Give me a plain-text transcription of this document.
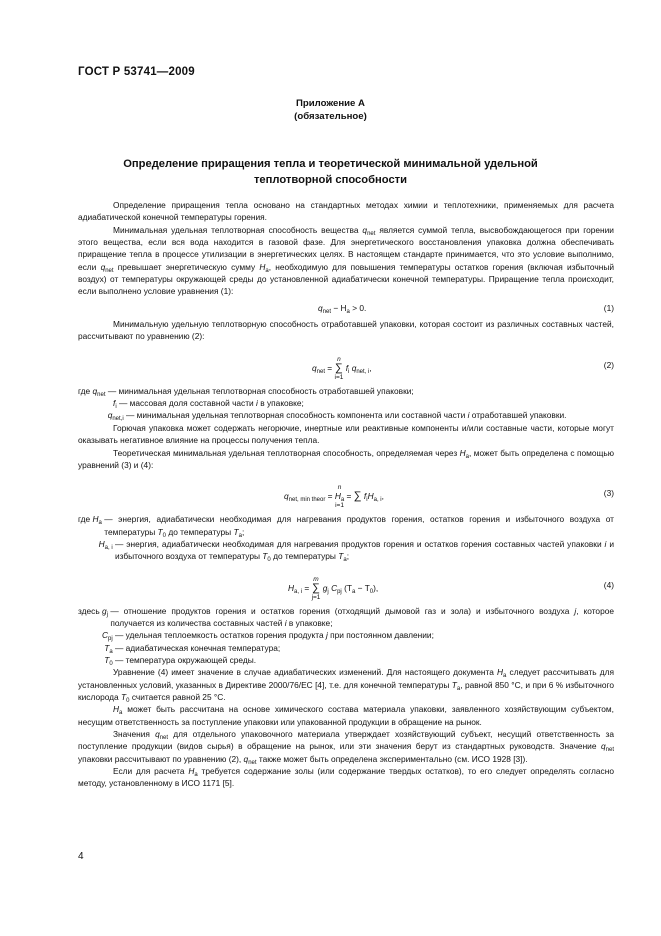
ГОСТ Р 53741—2009
Приложение А
(обязательное)
Определение приращения тепла и теоретической минимальной удельной теплотворной способности

Определение приращения тепла основано на стандартных методах химии и теплотехники, применяемых для расчета адиабатической конечной температуры горения.

Минимальная удельная теплотворная способность вещества $q_{net}$ является суммой тепла, высвобождающегося при горении этого вещества, если вся вода находится в газовой фазе. Для энергетического восстановления упаковка должна обеспечивать приращение тепла в процессе утилизации в энергетических целях. В настоящем стандарте принимается, что это условие выполнимо, если $q_{net}$ превышает энергетическую сумму $H_a$, необходимую для повышения температуры остатков горения (включая избыточный воздух) от температуры окружающей среды до установленной адиабатически конечной температуры. Приращение тепла происходит, если выполнено условие уравнения (1):

$q_{net} - H_a > 0$.	(1)

Минимальную удельную теплотворную способность отработавшей упаковки, которая состоит из различных составных частей, рассчитывают по уравнению (2):

$q_{net} = n$
∑
i=1 $f_i$ $q_{net, i}$,	(2)
где $q_{net}$ — минимальная удельная теплотворная способность отработавшей упаковки;
$f_i$ — массовая доля составной части i в упаковке;
$q_{net,i}$ — минимальная удельная теплотворная способность компонента или составной части i отработавшей упаковки.

Горючая упаковка может содержать негорючие, инертные или реактивные компоненты и/или составные части, которые могут оказывать негативное влияние на процессы получения тепла.

Теоретическая минимальная удельная теплотворная способность, определяемая через $H_a$, может быть определена с помощью уравнений (3) и (4):

$q_{net, min theor} = n$
$H_a$
i=1 = ∑ $f_iH_{a, i}$,	(3)
где $H_a$ — энергия, адиабатически необходимая для нагревания продуктов горения, остатков горения и избыточного воздуха от температуры $T_0$ до температуры $T_a$;
$H_{a, i}$ — энергия, адиабатически необходимая для нагревания продуктов горения и остатков горения составных частей упаковки i и избыточного воздуха от температуры $T_0$ до температуры $T_a$;
$H_{a, i} = m$
∑
j=1 $g_j$ $C_{pj}$ $(T_a - T_0)$,	(4)
здесь $g_j$ — отношение продуктов горения и остатков горения (отходящий дымовой газ и зола) и избыточного воздуха j, которое получается из количества составных частей i в упаковке;
$C_{pj}$ — удельная теплоемкость остатков горения продукта j при постоянном давлении;
$T_a$ — адиабатическая конечная температура;
$T_0$ — температура окружающей среды.

Уравнение (4) имеет значение в случае адиабатических изменений. Для настоящего документа $H_a$ следует рассчитывать для установленных условий, указанных в Директиве 2000/76/ЕС [4], т.е. для конечной температуры $T_a$, равной 850 °С, и при 6 % избыточного кислорода $T_0$ считается равной 25 °С.

$H_a$ может быть рассчитана на основе химического состава материала упаковки, заявленного хозяйствующим субъектом, несущим ответственность за поступление упаковки или упакованной продукции в обращение на рынок.

Значения $q_{net}$ для отдельного упаковочного материала утверждает хозяйствующий субъект, несущий ответственность за поступление продукции (видов сырья) в обращение на рынок, или эти значения берут из стандартных руководств. Значение $q_{net}$ упаковки рассчитывают по уравнению (2), $q_{net}$ также может быть определена экспериментально (см. ИСО 1928 [3]).

Если для расчета $H_a$ требуется содержание золы (или содержание твердых остатков), то его следует определять согласно методу, установленному в ИСО 1171 [5].

4
